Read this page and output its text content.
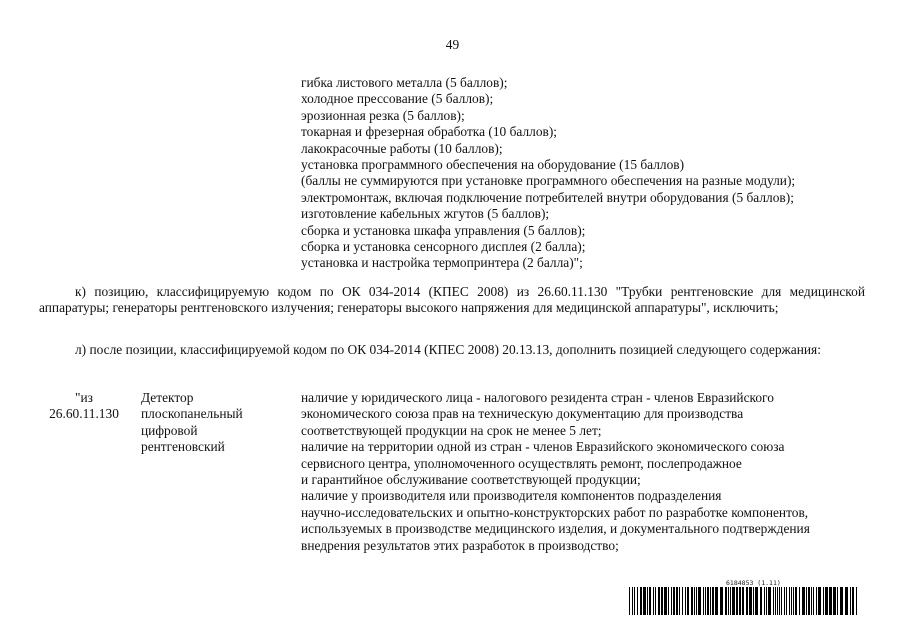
49
гибка листового металла (5 баллов);
холодное прессование (5 баллов);
эрозионная резка (5 баллов);
токарная и фрезерная обработка (10 баллов);
лакокрасочные работы (10 баллов);
установка программного обеспечения на оборудование (15 баллов)
(баллы не суммируются при установке программного обеспечения на разные модули);
электромонтаж, включая подключение потребителей внутри оборудования (5 баллов);
изготовление кабельных жгутов (5 баллов);
сборка и установка шкафа управления (5 баллов);
сборка и установка сенсорного дисплея (2 балла);
установка и настройка термопринтера (2 балла)";
к) позицию, классифицируемую кодом по ОК 034-2014 (КПЕС 2008) из 26.60.11.130 "Трубки рентгеновские для медицинской аппаратуры; генераторы рентгеновского излучения; генераторы высокого напряжения для медицинской аппаратуры", исключить;
л) после позиции, классифицируемой кодом по ОК 034-2014 (КПЕС 2008) 20.13.13, дополнить позицией следующего содержания:
"из
26.60.11.130
Детектор
плоскопанельный
цифровой
рентгеновский
наличие у юридического лица - налогового резидента стран - членов Евразийского
экономического союза прав на техническую документацию для производства
соответствующей продукции на срок не менее 5 лет;
наличие на территории одной из стран - членов Евразийского экономического союза
сервисного центра, уполномоченного осуществлять ремонт, послепродажное
и гарантийное обслуживание соответствующей продукции;
наличие у производителя или производителя компонентов подразделения
научно-исследовательских и опытно-конструкторских работ по разработке компонентов,
используемых в производстве медицинского изделия, и документального подтверждения
внедрения результатов этих разработок в производство;
6184853 (1.11)
